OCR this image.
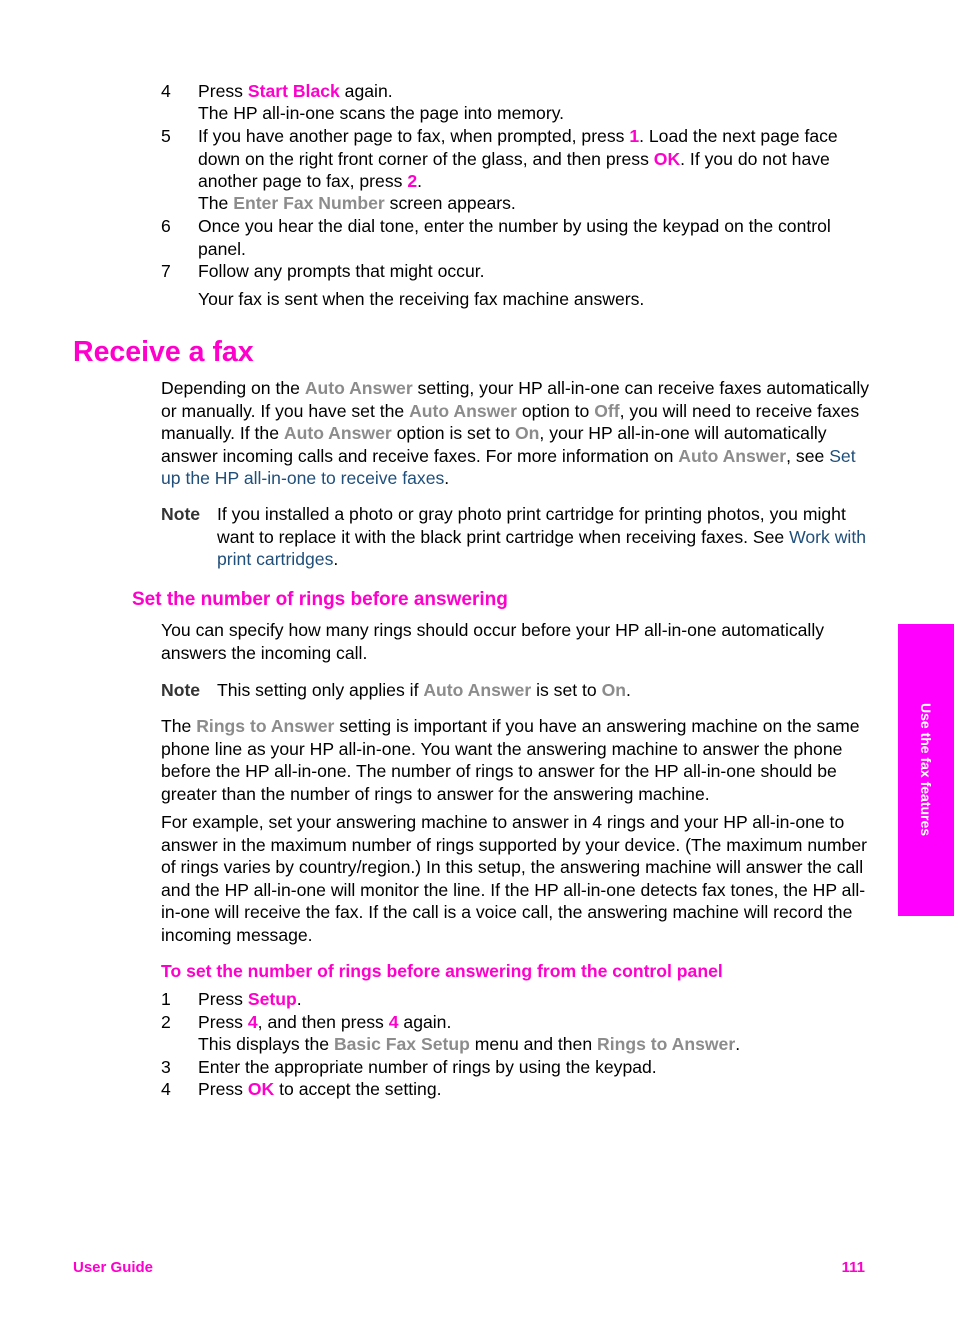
4 Press Start Black again.
The HP all-in-one scans the page into memory.
5 If you have another page to fax, when prompted, press 1. Load the next page face down on the right front corner of the glass, and then press OK. If you do not have another page to fax, press 2.
The Enter Fax Number screen appears.
6 Once you hear the dial tone, enter the number by using the keypad on the control panel.
7 Follow any prompts that might occur.
Your fax is sent when the receiving fax machine answers.
Receive a fax
Depending on the Auto Answer setting, your HP all-in-one can receive faxes automatically or manually. If you have set the Auto Answer option to Off, you will need to receive faxes manually. If the Auto Answer option is set to On, your HP all-in-one will automatically answer incoming calls and receive faxes. For more information on Auto Answer, see Set up the HP all-in-one to receive faxes.
Note If you installed a photo or gray photo print cartridge for printing photos, you might want to replace it with the black print cartridge when receiving faxes. See Work with print cartridges.
Set the number of rings before answering
You can specify how many rings should occur before your HP all-in-one automatically answers the incoming call.
Note This setting only applies if Auto Answer is set to On.
The Rings to Answer setting is important if you have an answering machine on the same phone line as your HP all-in-one. You want the answering machine to answer the phone before the HP all-in-one. The number of rings to answer for the HP all-in-one should be greater than the number of rings to answer for the answering machine.
For example, set your answering machine to answer in 4 rings and your HP all-in-one to answer in the maximum number of rings supported by your device. (The maximum number of rings varies by country/region.) In this setup, the answering machine will answer the call and the HP all-in-one will monitor the line. If the HP all-in-one detects fax tones, the HP all-in-one will receive the fax. If the call is a voice call, the answering machine will record the incoming message.
To set the number of rings before answering from the control panel
1 Press Setup.
2 Press 4, and then press 4 again.
This displays the Basic Fax Setup menu and then Rings to Answer.
3 Enter the appropriate number of rings by using the keypad.
4 Press OK to accept the setting.
Use the fax features
User Guide	111
